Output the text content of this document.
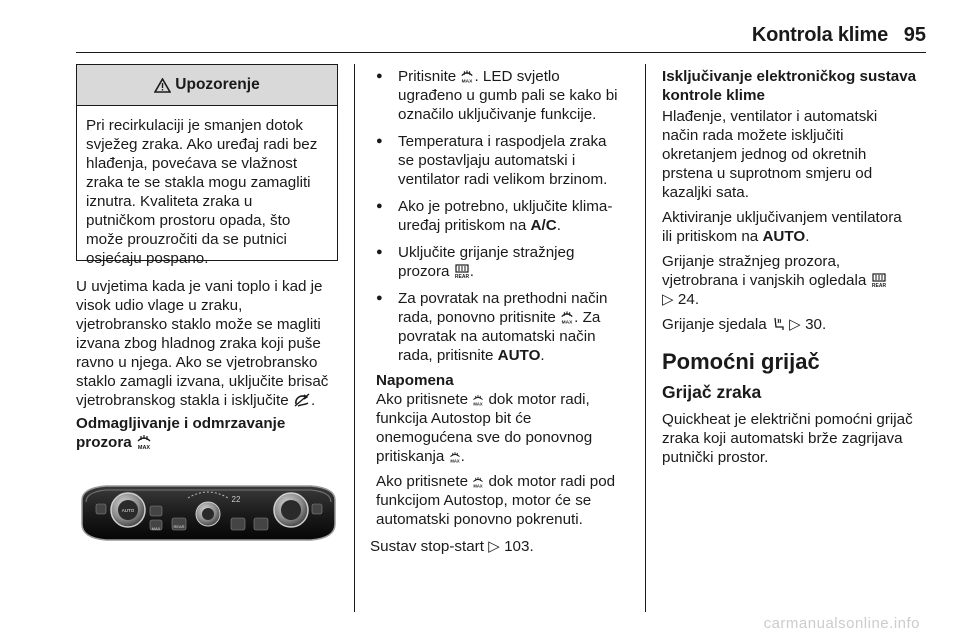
Kontrola klime 95
Upozorenje
Pri recirkulaciji je smanjen dotok
svježeg zraka. Ako uređaj radi bez
hlađenja, povećava se vlažnost
zraka te se stakla mogu zamagliti
iznutra. Kvaliteta zraka u
putničkom prostoru opada, što
može prouzročiti da se putnici
osjećaju pospano.
U uvjetima kada je vani toplo i kad je
visok udio vlage u zraku,
vjetrobransko staklo može se magliti
izvana zbog hladnog zraka koji puše
ravno u njega. Ako se vjetrobransko
staklo zamagli izvana, uključite brisač
vjetrobranskog stakla i isključite .
Odmagljivanje i odmrzavanje
prozora MAX
MAX	REAR
22
AUTO
● Pritisnite MAX . LED svjetlo
ugrađeno u gumb pali se kako bi
označilo uključivanje funkcije.
● Temperatura i raspodjela zraka
se postavljaju automatski i
ventilator radi velikom brzinom.
● Ako je potrebno, uključite klima-
uređaj pritiskom na A/C.
● Uključite grijanje stražnjeg
prozora REAR .
● Za povratak na prethodni način
rada, ponovno pritisnite MAX . Za
povratak na automatski način
rada, pritisnite AUTO.
Napomena
Ako pritisnete MAX dok motor radi,
funkcija Autostop bit će
onemogućena sve do ponovnog
pritiskanja MAX .
Ako pritisnete MAX dok motor radi pod
funkcijom Autostop, motor će se
automatski ponovno pokrenuti.
Sustav stop-start ▷ 103.
Isključivanje elektroničkog sustava
kontrole klime

Hlađenje, ventilator i automatski
način rada možete isključiti
okretanjem jednog od okretnih
prstena u suprotnom smjeru od
kazaljki sata.

Aktiviranje uključivanjem ventilatora
ili pritiskom na AUTO.

Grijanje stražnjeg prozora,
vjetrobrana i vanjskih ogledala REAR

▷ 24.

Grijanje sjedala ▷ 30.

Pomoćni grijač
Grijač zraka

Quickheat je električni pomoćni grijač
zraka koji automatski brže zagrijava
putnički prostor.

carmanualsonline.info
